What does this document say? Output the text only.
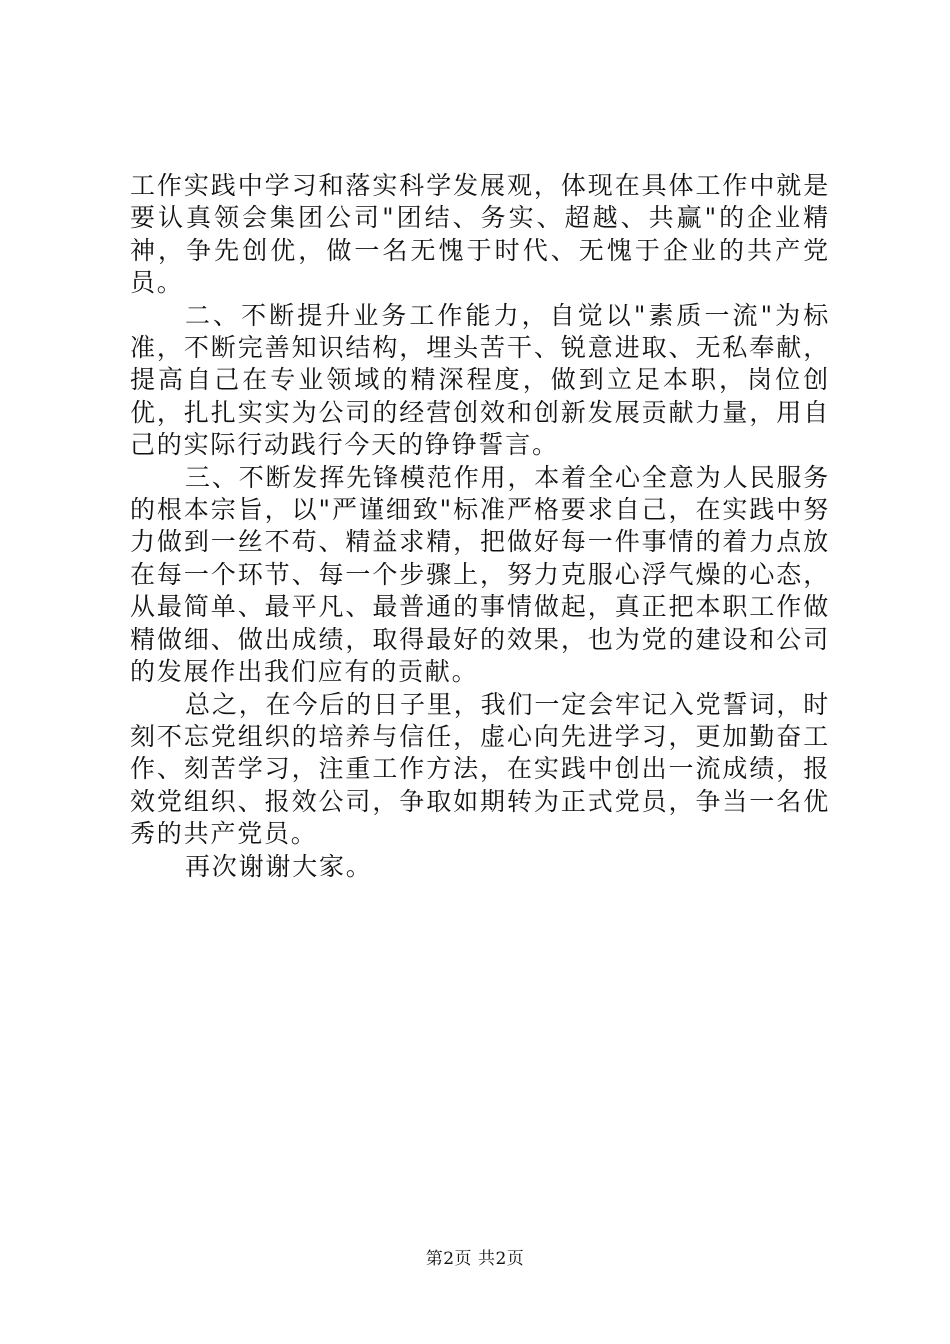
工作实践中学习和落实科学发展观，体现在具体工作中就是要认真领会集团公司"团结、务实、超越、共赢"的企业精神，争先创优，做一名无愧于时代、无愧于企业的共产党员。

二、不断提升业务工作能力，自觉以"素质一流"为标准，不断完善知识结构，埋头苦干、锐意进取、无私奉献，提高自己在专业领域的精深程度，做到立足本职，岗位创优，扎扎实实为公司的经营创效和创新发展贡献力量，用自己的实际行动践行今天的铮铮誓言。

三、不断发挥先锋模范作用，本着全心全意为人民服务的根本宗旨，以"严谨细致"标准严格要求自己，在实践中努力做到一丝不苟、精益求精，把做好每一件事情的着力点放在每一个环节、每一个步骤上，努力克服心浮气燥的心态，从最简单、最平凡、最普通的事情做起，真正把本职工作做精做细、做出成绩，取得最好的效果，也为党的建设和公司的发展作出我们应有的贡献。

总之，在今后的日子里，我们一定会牢记入党誓词，时刻不忘党组织的培养与信任，虚心向先进学习，更加勤奋工作、刻苦学习，注重工作方法，在实践中创出一流成绩，报效党组织、报效公司，争取如期转为正式党员，争当一名优秀的共产党员。

再次谢谢大家。

第2页 共2页
